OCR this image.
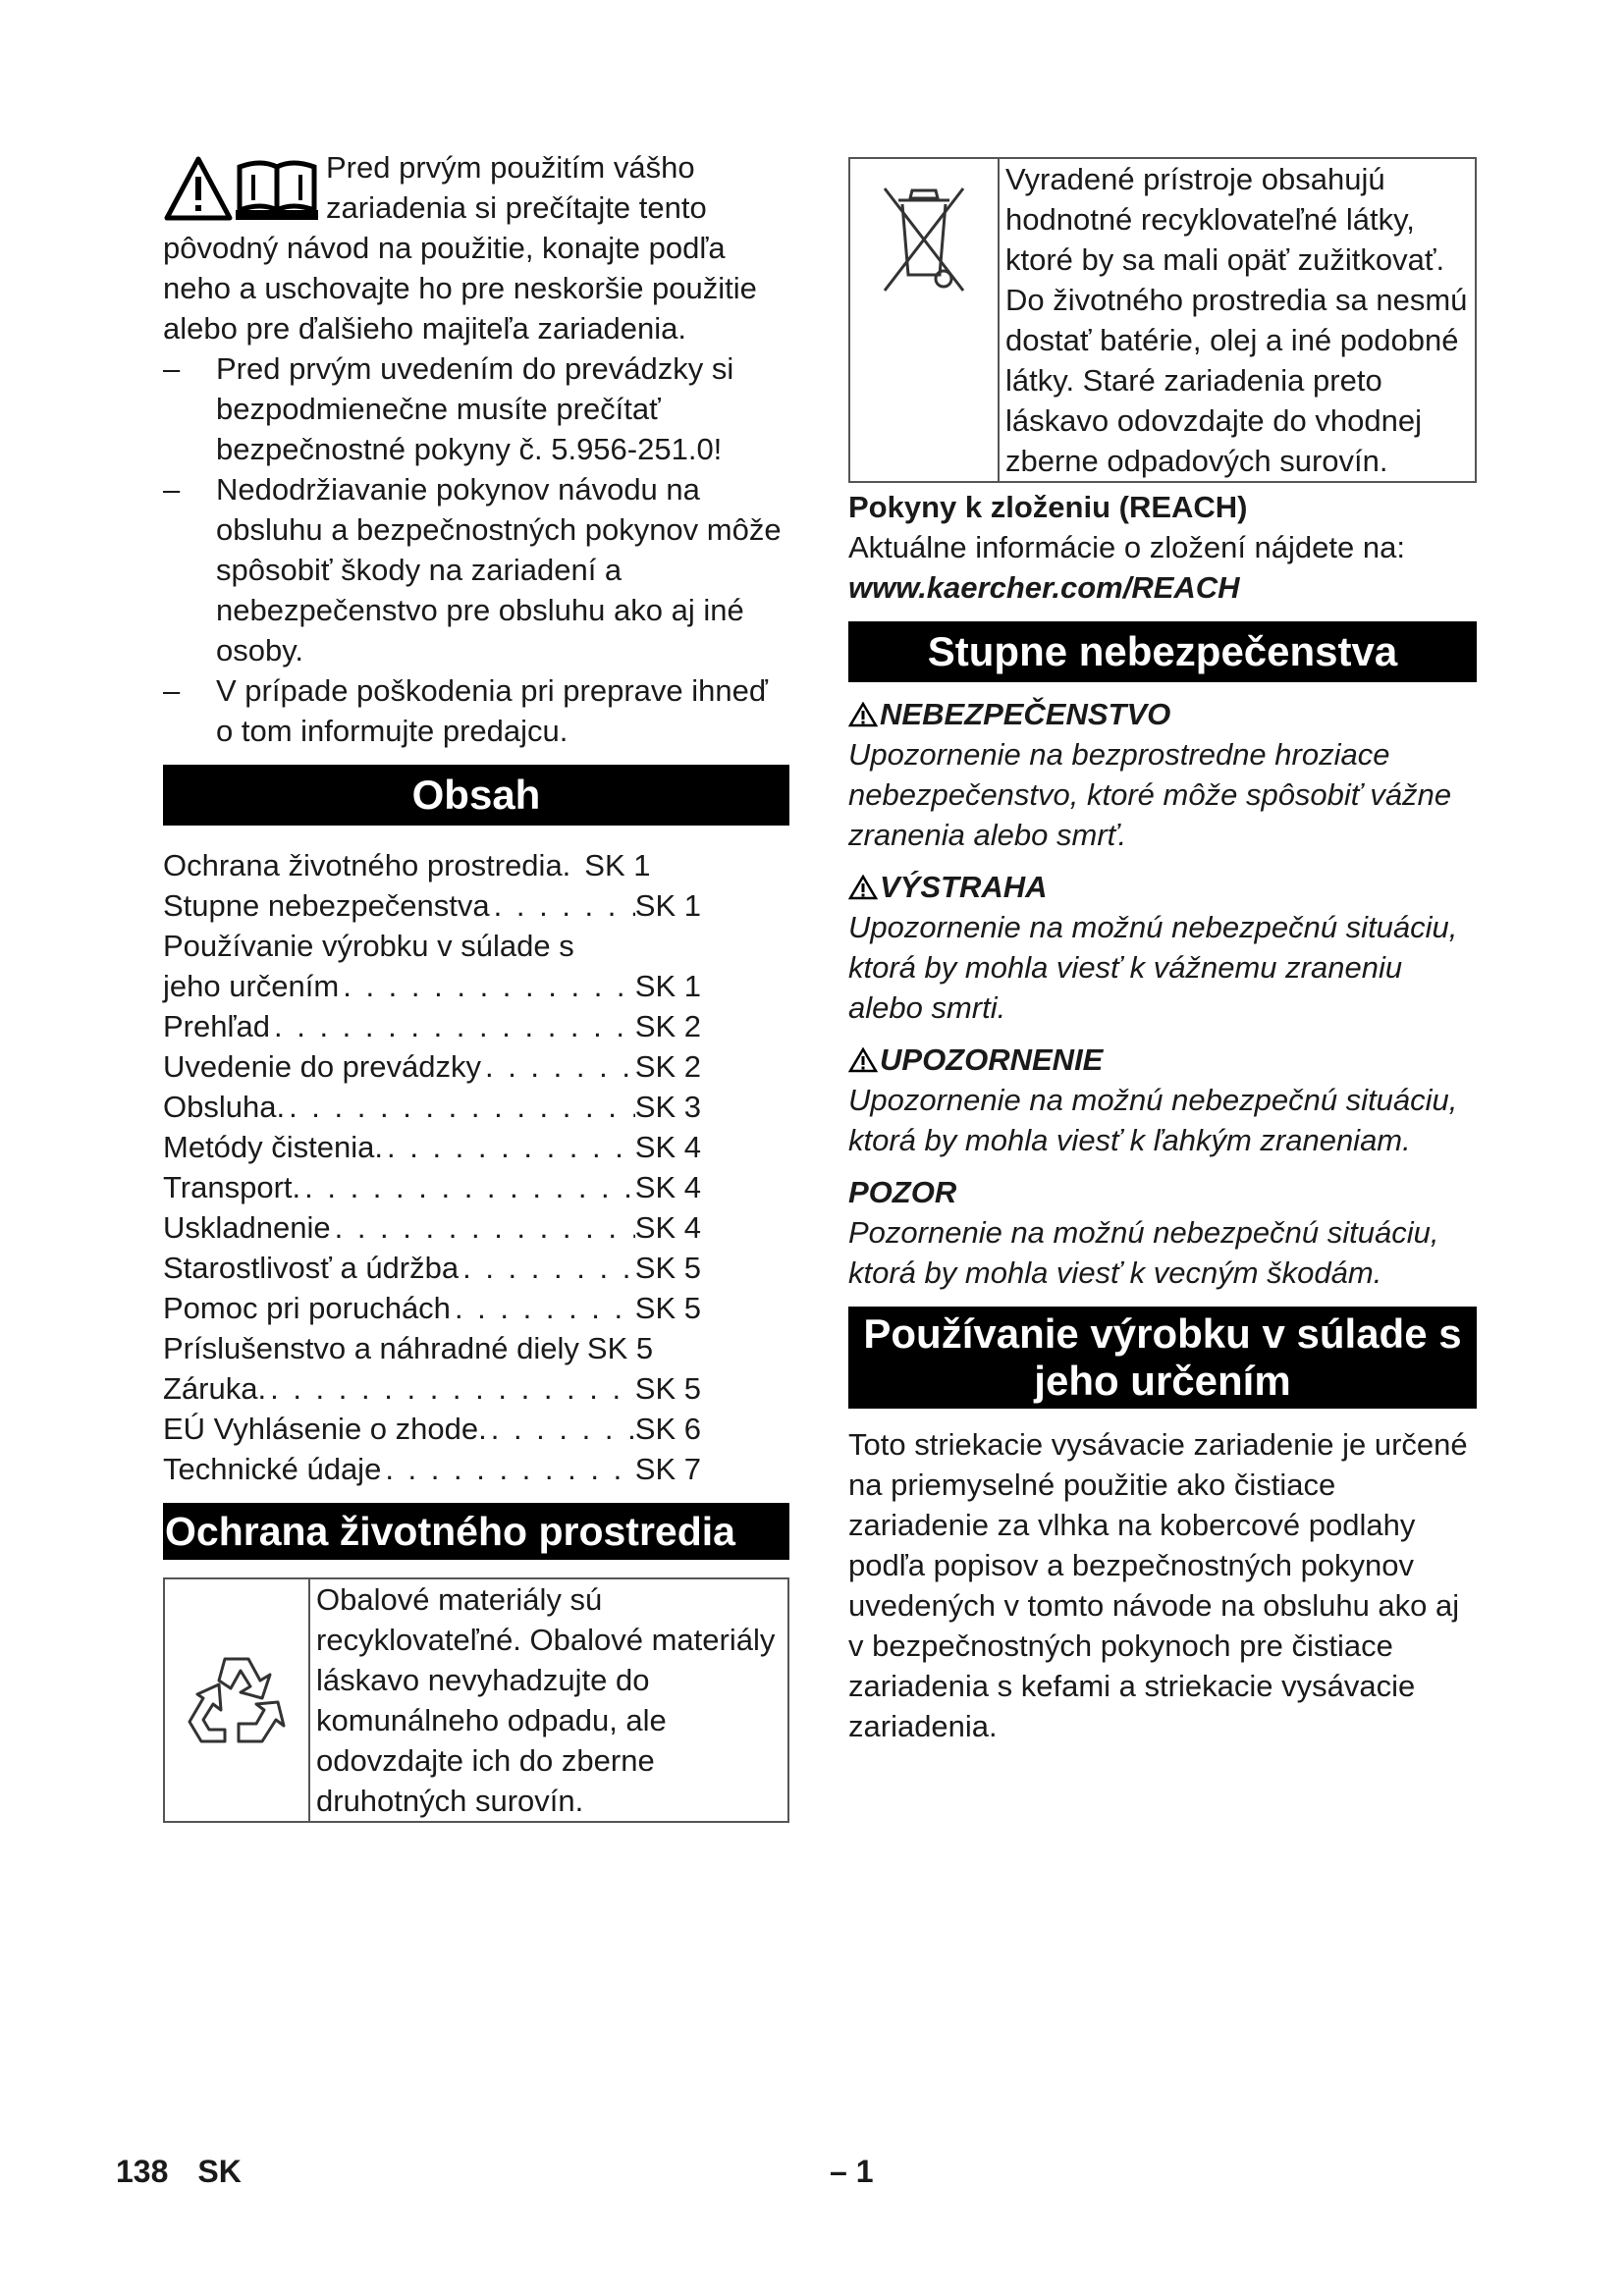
Pred prvým použitím vášho zariadenia si prečítajte tento pôvodný návod na použitie, konajte podľa neho a uschovajte ho pre neskoršie použitie alebo pre ďalšieho majiteľa zariadenia.

–	Pred prvým uvedením do prevádzky si bezpodmienečne musíte prečítať bezpečnostné pokyny č. 5.956-251.0!
–	Nedodržiavanie pokynov návodu na obsluhu a bezpečnostných pokynov môže spôsobiť škody na zariadení a nebezpečenstvo pre obsluhu ako aj iné osoby.
–	V prípade poškodenia pri preprave ihneď o tom informujte predajcu.
Obsah
Ochrana životného prostredia. SK 1
Stupne nebezpečenstva . . .	SK 1
Používanie výrobku v súlade s
jeho určením . . .	SK 1
Prehľad . . .	SK 2
Uvedenie do prevádzky . . .	SK 2
Obsluha. . . .	SK 3
Metódy čistenia. . . .	SK 4
Transport. . . .	SK 4
Uskladnenie . . .	SK 4
Starostlivosť a údržba . . .	SK 5
Pomoc pri poruchách . . .	SK 5
Príslušenstvo a náhradné diely SK 5
Záruka. . . .	SK 5
EÚ Vyhlásenie o zhode. . . .	SK 6
Technické údaje . . .	SK 7
Ochrana životného prostredia
Obalové materiály sú recyklovateľné. Obalové materiály láskavo nevyhadzujte do komunálneho odpadu, ale odovzdajte ich do zberne druhotných surovín.
Vyradené prístroje obsahujú hodnotné recyklovateľné látky, ktoré by sa mali opäť zužitkovať. Do životného prostredia sa nesmú dostať batérie, olej a iné podobné látky. Staré zariadenia preto láskavo odovzdajte do vhodnej zberne odpadových surovín.
Pokyny k zloženiu (REACH)
Aktuálne informácie o zložení nájdete na:
www.kaercher.com/REACH
Stupne nebezpečenstva
NEBEZPEČENSTVO
Upozornenie na bezprostredne hroziace nebezpečenstvo, ktoré môže spôsobiť vážne zranenia alebo smrť.
VÝSTRAHA
Upozornenie na možnú nebezpečnú situáciu, ktorá by mohla viesť k vážnemu zraneniu alebo smrti.
UPOZORNENIE
Upozornenie na možnú nebezpečnú situáciu, ktorá by mohla viesť k ľahkým zraneniam.
POZOR
Pozornenie na možnú nebezpečnú situáciu, ktorá by mohla viesť k vecným škodám.
Používanie výrobku v súlade s jeho určením
Toto striekacie vysávacie zariadenie je určené na priemyselné použitie ako čistiace zariadenie za vlhka na kobercové podlahy podľa popisov a bezpečnostných pokynov uvedených v tomto návode na obsluhu ako aj v bezpečnostných pokynoch pre čistiace zariadenia s kefami a striekacie vysávacie zariadenia.
138 SK	– 1
